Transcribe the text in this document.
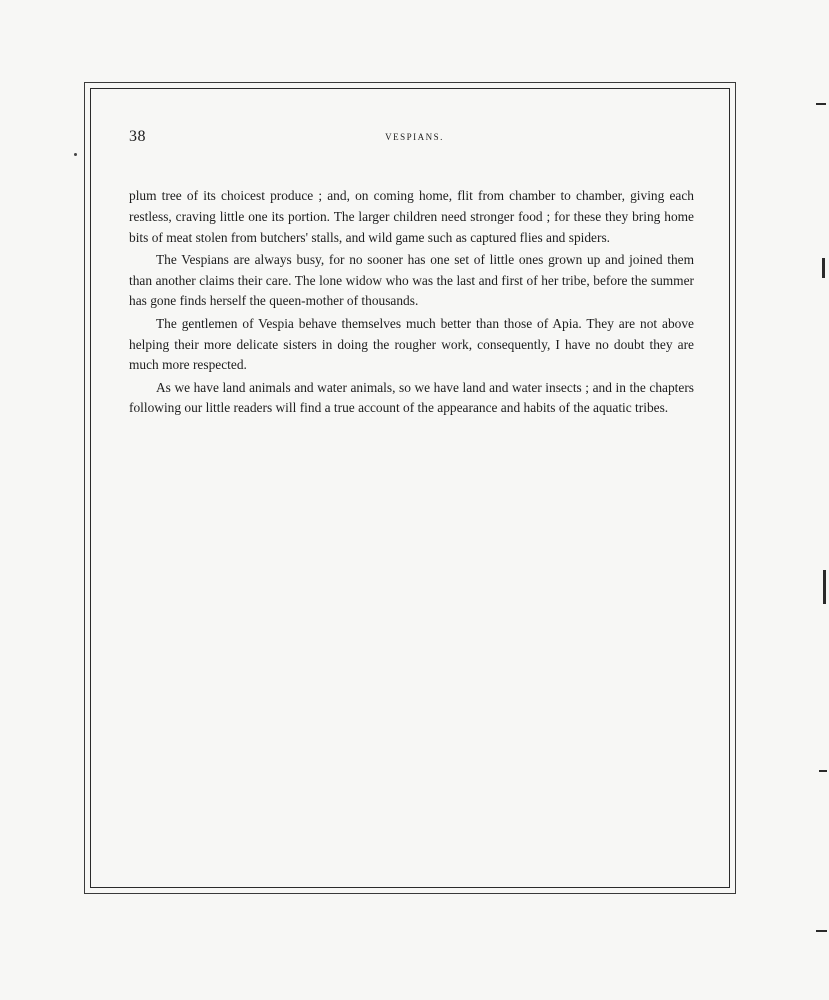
38	VESPIANS.

plum tree of its choicest produce ; and, on coming home, flit from chamber to chamber, giving each restless, craving little one its portion. The larger children need stronger food ; for these they bring home bits of meat stolen from butchers' stalls, and wild game such as captured flies and spiders.

The Vespians are always busy, for no sooner has one set of little ones grown up and joined them than another claims their care. The lone widow who was the last and first of her tribe, before the summer has gone finds herself the queen-mother of thousands.

The gentlemen of Vespia behave themselves much better than those of Apia. They are not above helping their more delicate sisters in doing the rougher work, consequently, I have no doubt they are much more respected.

As we have land animals and water animals, so we have land and water insects ; and in the chapters following our little readers will find a true account of the appearance and habits of the aquatic tribes.
